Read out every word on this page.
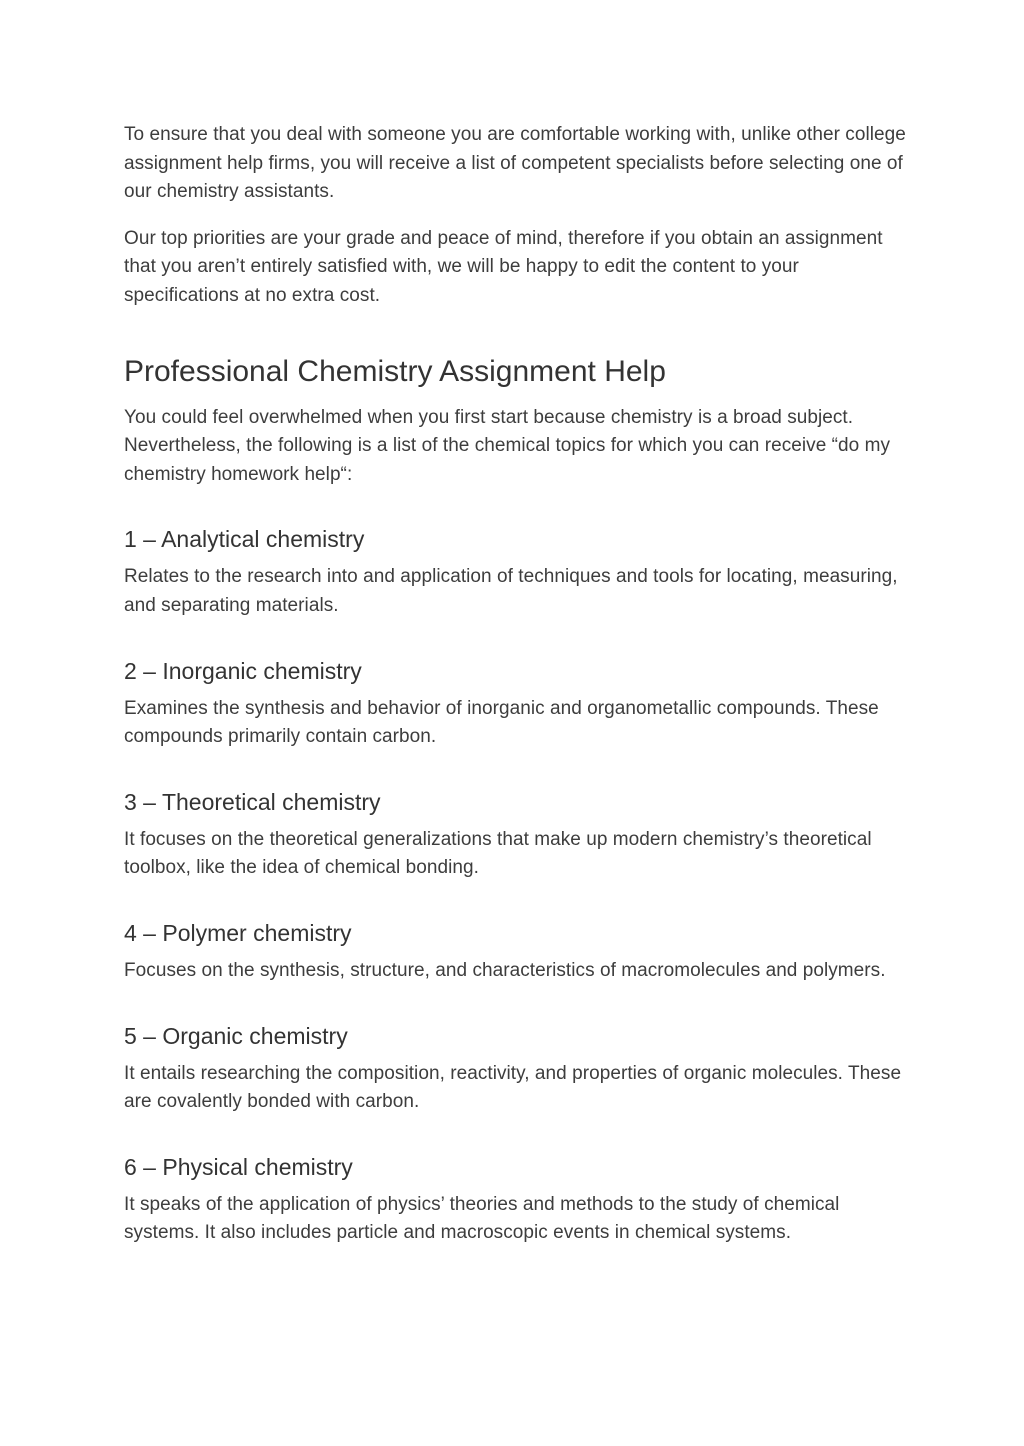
To ensure that you deal with someone you are comfortable working with, unlike other college assignment help firms, you will receive a list of competent specialists before selecting one of our chemistry assistants.

Our top priorities are your grade and peace of mind, therefore if you obtain an assignment that you aren’t entirely satisfied with, we will be happy to edit the content to your specifications at no extra cost.

Professional Chemistry Assignment Help

You could feel overwhelmed when you first start because chemistry is a broad subject. Nevertheless, the following is a list of the chemical topics for which you can receive “do my chemistry homework help“:

1 – Analytical chemistry

Relates to the research into and application of techniques and tools for locating, measuring, and separating materials.

2 – Inorganic chemistry

Examines the synthesis and behavior of inorganic and organometallic compounds. These compounds primarily contain carbon.

3 – Theoretical chemistry

It focuses on the theoretical generalizations that make up modern chemistry’s theoretical toolbox, like the idea of chemical bonding.

4 – Polymer chemistry

Focuses on the synthesis, structure, and characteristics of macromolecules and polymers.

5 – Organic chemistry

It entails researching the composition, reactivity, and properties of organic molecules. These are covalently bonded with carbon.

6 – Physical chemistry

It speaks of the application of physics’ theories and methods to the study of chemical systems. It also includes particle and macroscopic events in chemical systems.
